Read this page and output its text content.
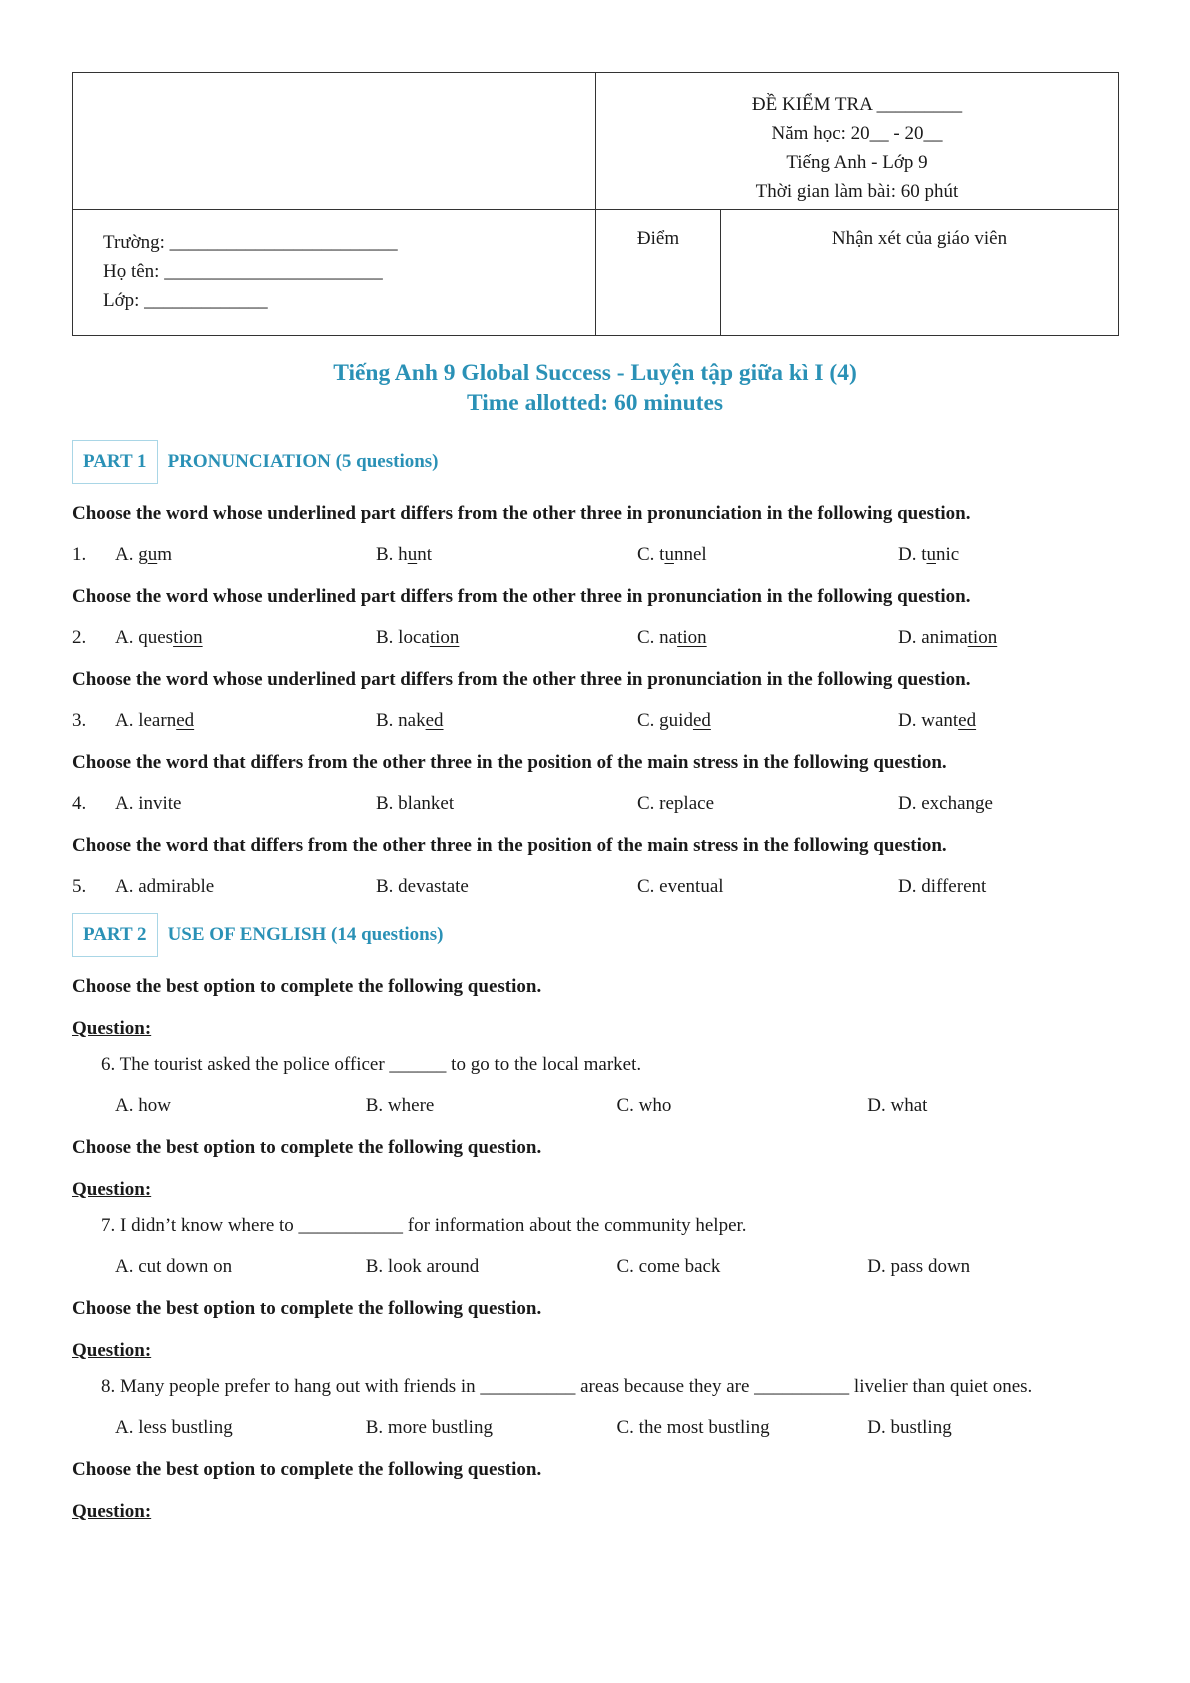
	ĐỀ KIỂM TRA _________
Năm học: 20__ - 20__
Tiếng Anh - Lớp 9
Thời gian làm bài: 60 phút	

Trường: ________________________
Họ tên: _______________________
Lớp: _____________	Điểm	Nhận xét của giáo viên
Tiếng Anh 9 Global Success - Luyện tập giữa kì I (4)
Time allotted: 60 minutes
PART 1	PRONUNCIATION (5 questions)
Choose the word whose underlined part differs from the other three in pronunciation in the following question.
1.	A. gum	B. hunt	C. tunnel	D. tunic
Choose the word whose underlined part differs from the other three in pronunciation in the following question.
2.	A. question	B. location	C. nation	D. animation
Choose the word whose underlined part differs from the other three in pronunciation in the following question.
3.	A. learned	B. naked	C. guided	D. wanted
Choose the word that differs from the other three in the position of the main stress in the following question.
4.	A. invite	B. blanket	C. replace	D. exchange
Choose the word that differs from the other three in the position of the main stress in the following question.
5.	A. admirable	B. devastate	C. eventual	D. different
PART 2	USE OF ENGLISH (14 questions)
Choose the best option to complete the following question.
Question:
6. The tourist asked the police officer ______ to go to the local market.
A. how	B. where	C. who	D. what
Choose the best option to complete the following question.
Question:
7. I didn’t know where to ___________ for information about the community helper.
A. cut down on	B. look around	C. come back	D. pass down
Choose the best option to complete the following question.
Question:
8. Many people prefer to hang out with friends in __________ areas because they are __________ livelier than quiet ones.
A. less bustling	B. more bustling	C. the most bustling	D. bustling
Choose the best option to complete the following question.
Question:
